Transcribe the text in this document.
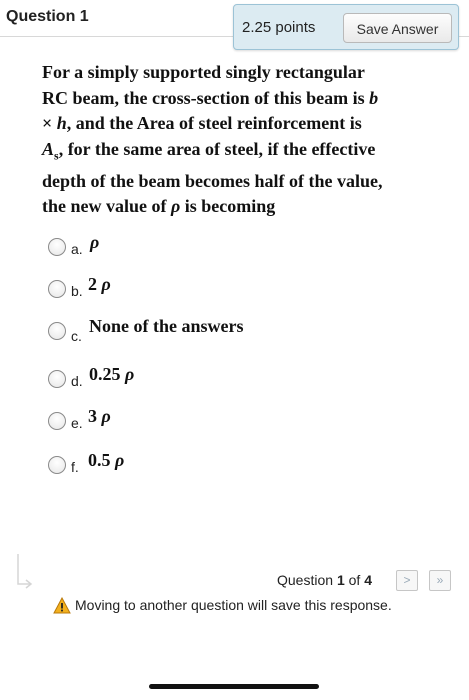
Question 1
2.25 points	Save Answer

For a simply supported singly rectangular
RC beam, the cross-section of this beam is b
× h, and the Area of steel reinforcement is
$A_s$, for the same area of steel, if the effective
depth of the beam becomes half of the value,
the new value of ρ is becoming

a. ρ
b. 2 ρ
c. None of the answers
d. 0.25 ρ
e. 3 ρ
f. 0.5 ρ
Question 1 of 4	>	»
Moving to another question will save this response.
